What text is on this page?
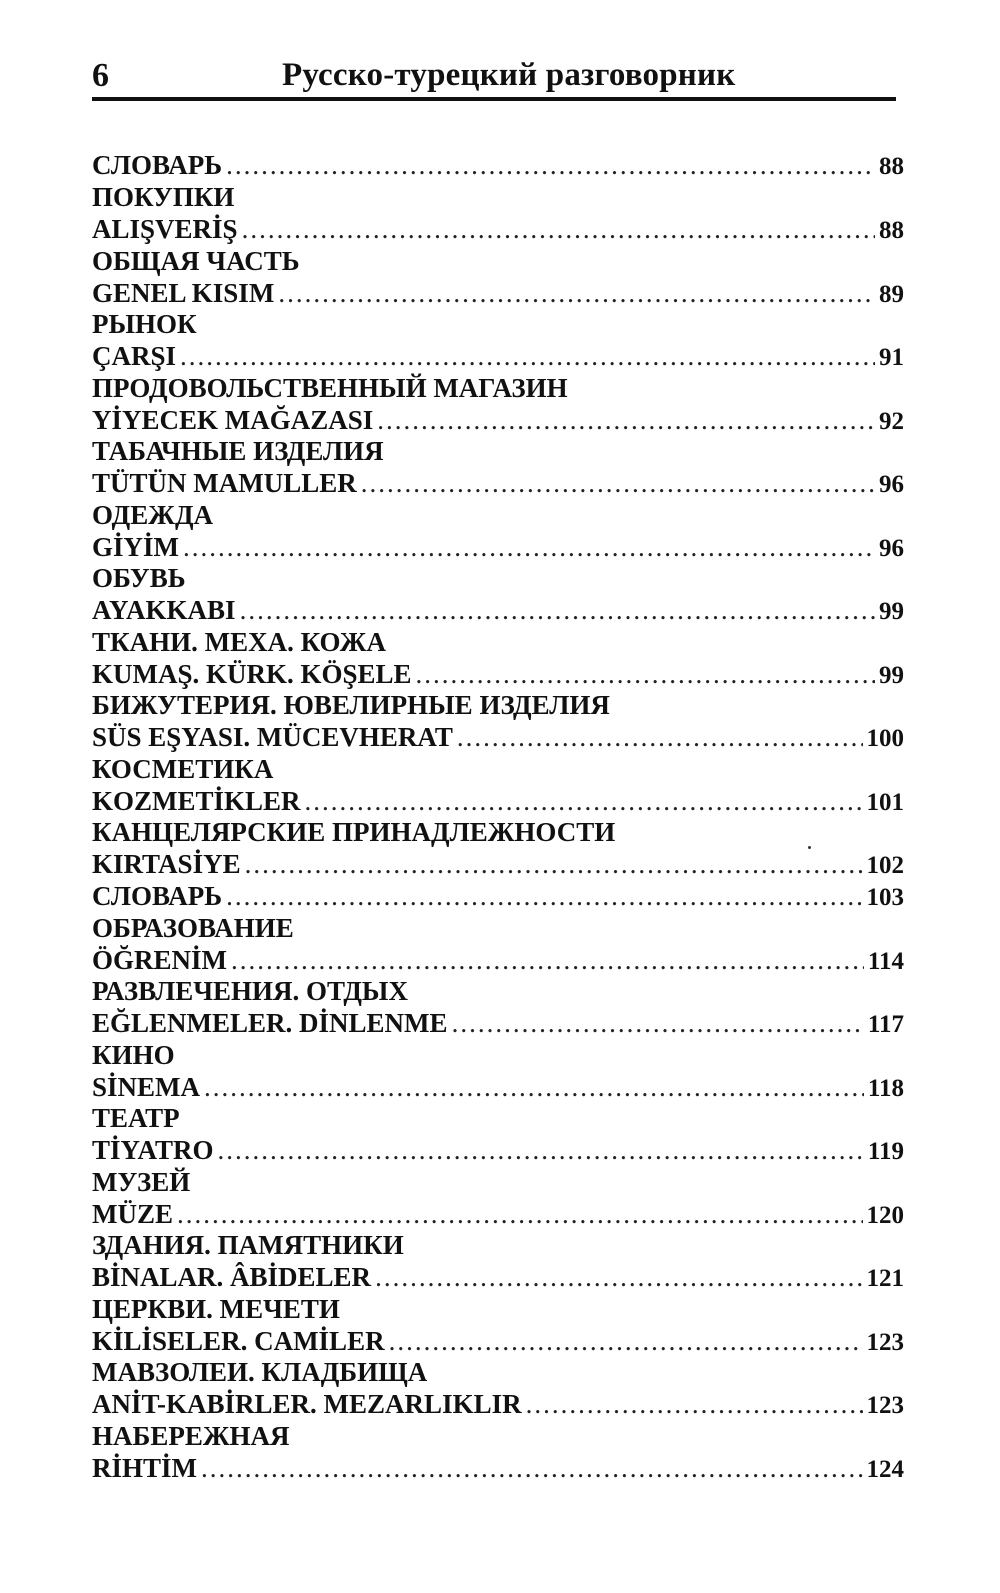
6	Русско-турецкий разговорник
СЛОВАРЬ .....	88
ПОКУПКИ
ALIŞVERİŞ .....	88
ОБЩАЯ ЧАСТЬ
GENEL KISIM .....	89
РЫНОК
ÇARŞI .....	91
ПРОДОВОЛЬСТВЕННЫЙ МАГАЗИН
YİYECEK MAĞAZASI .....	92
ТАБАЧНЫЕ ИЗДЕЛИЯ
TÜTÜN MAMULLER .....	96
ОДЕЖДА
GİYİM .....	96
ОБУВЬ
AYAKKABI .....	99
ТКАНИ. МЕХА. КОЖА
KUMAŞ. KÜRK. KÖŞELE .....	99
БИЖУТЕРИЯ. ЮВЕЛИРНЫЕ ИЗДЕЛИЯ
SÜS EŞYASI. MÜCEVHERAT .....	100
КОСМЕТИКА
KOZMETİKLER .....	101
КАНЦЕЛЯРСКИЕ ПРИНАДЛЕЖНОСТИ
KIRTASİYE .....	102
СЛОВАРЬ .....	103
ОБРАЗОВАНИЕ
ÖĞRENİM .....	114
РАЗВЛЕЧЕНИЯ. ОТДЫХ
EĞLENMELER. DİNLENME .....	117
КИНО
SİNEMA .....	118
ТЕАТР
TİYATRO .....	119
МУЗЕЙ
MÜZE .....	120
ЗДАНИЯ. ПАМЯТНИКИ
BİNALAR. ÂBİDELER .....	121
ЦЕРКВИ. МЕЧЕТИ
KİLİSELER. CAMİLER .....	123
МАВЗОЛЕИ. КЛАДБИЩА
ANİT-KABİRLER. MEZARLIKLIR .....	123
НАБЕРЕЖНАЯ
RİHTİM .....	124
